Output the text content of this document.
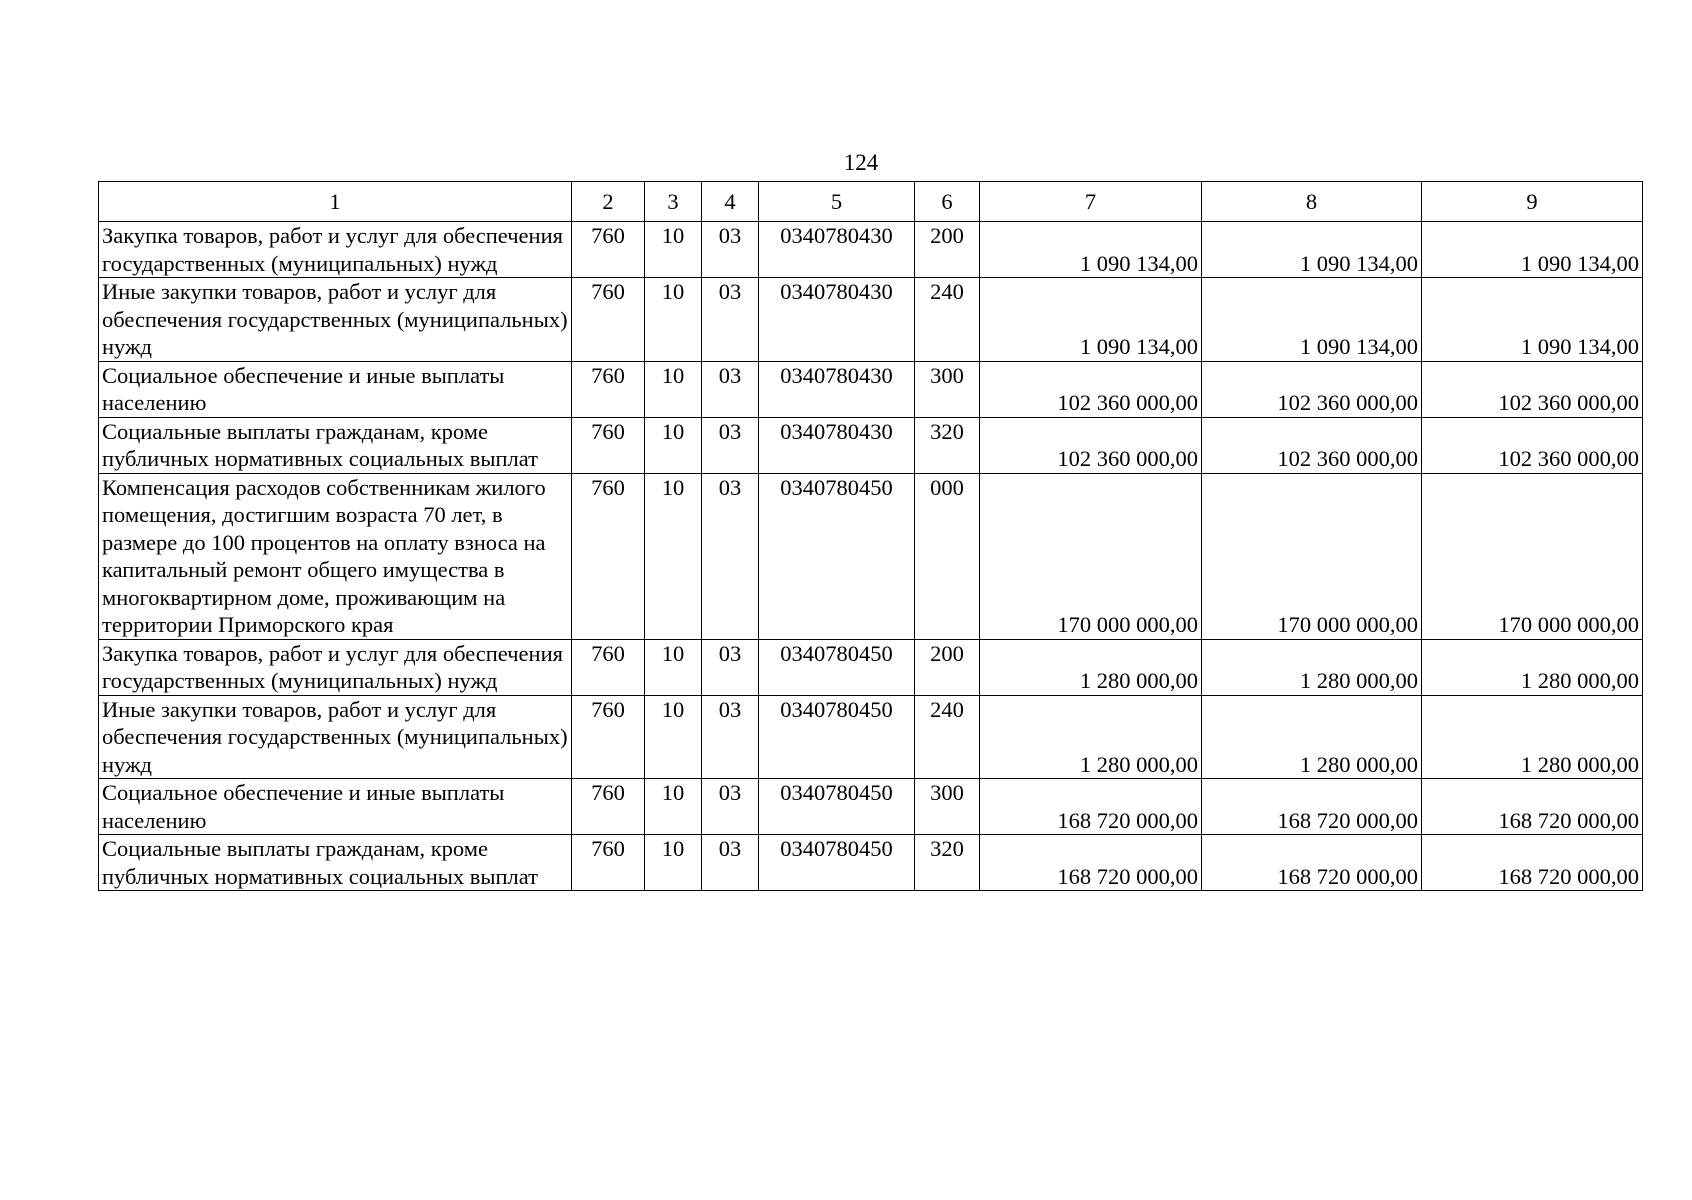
124
1	2	3	4	5	6	7	8	9
Закупка товаров, работ и услуг для обеспечения государственных (муниципальных) нужд	760	10	03	0340780430	200	1 090 134,00	1 090 134,00	1 090 134,00
Иные закупки товаров, работ и услуг для обеспечения государственных (муниципальных) нужд	760	10	03	0340780430	240	1 090 134,00	1 090 134,00	1 090 134,00
Социальное обеспечение и иные выплаты населению	760	10	03	0340780430	300	102 360 000,00	102 360 000,00	102 360 000,00
Социальные выплаты гражданам, кроме публичных нормативных социальных выплат	760	10	03	0340780430	320	102 360 000,00	102 360 000,00	102 360 000,00
Компенсация расходов собственникам жилого помещения, достигшим возраста 70 лет, в размере до 100 процентов на оплату взноса на капитальный ремонт общего имущества в многоквартирном доме, проживающим на территории Приморского края	760	10	03	0340780450	000	170 000 000,00	170 000 000,00	170 000 000,00
Закупка товаров, работ и услуг для обеспечения государственных (муниципальных) нужд	760	10	03	0340780450	200	1 280 000,00	1 280 000,00	1 280 000,00
Иные закупки товаров, работ и услуг для обеспечения государственных (муниципальных) нужд	760	10	03	0340780450	240	1 280 000,00	1 280 000,00	1 280 000,00
Социальное обеспечение и иные выплаты населению	760	10	03	0340780450	300	168 720 000,00	168 720 000,00	168 720 000,00
Социальные выплаты гражданам, кроме публичных нормативных социальных выплат	760	10	03	0340780450	320	168 720 000,00	168 720 000,00	168 720 000,00
